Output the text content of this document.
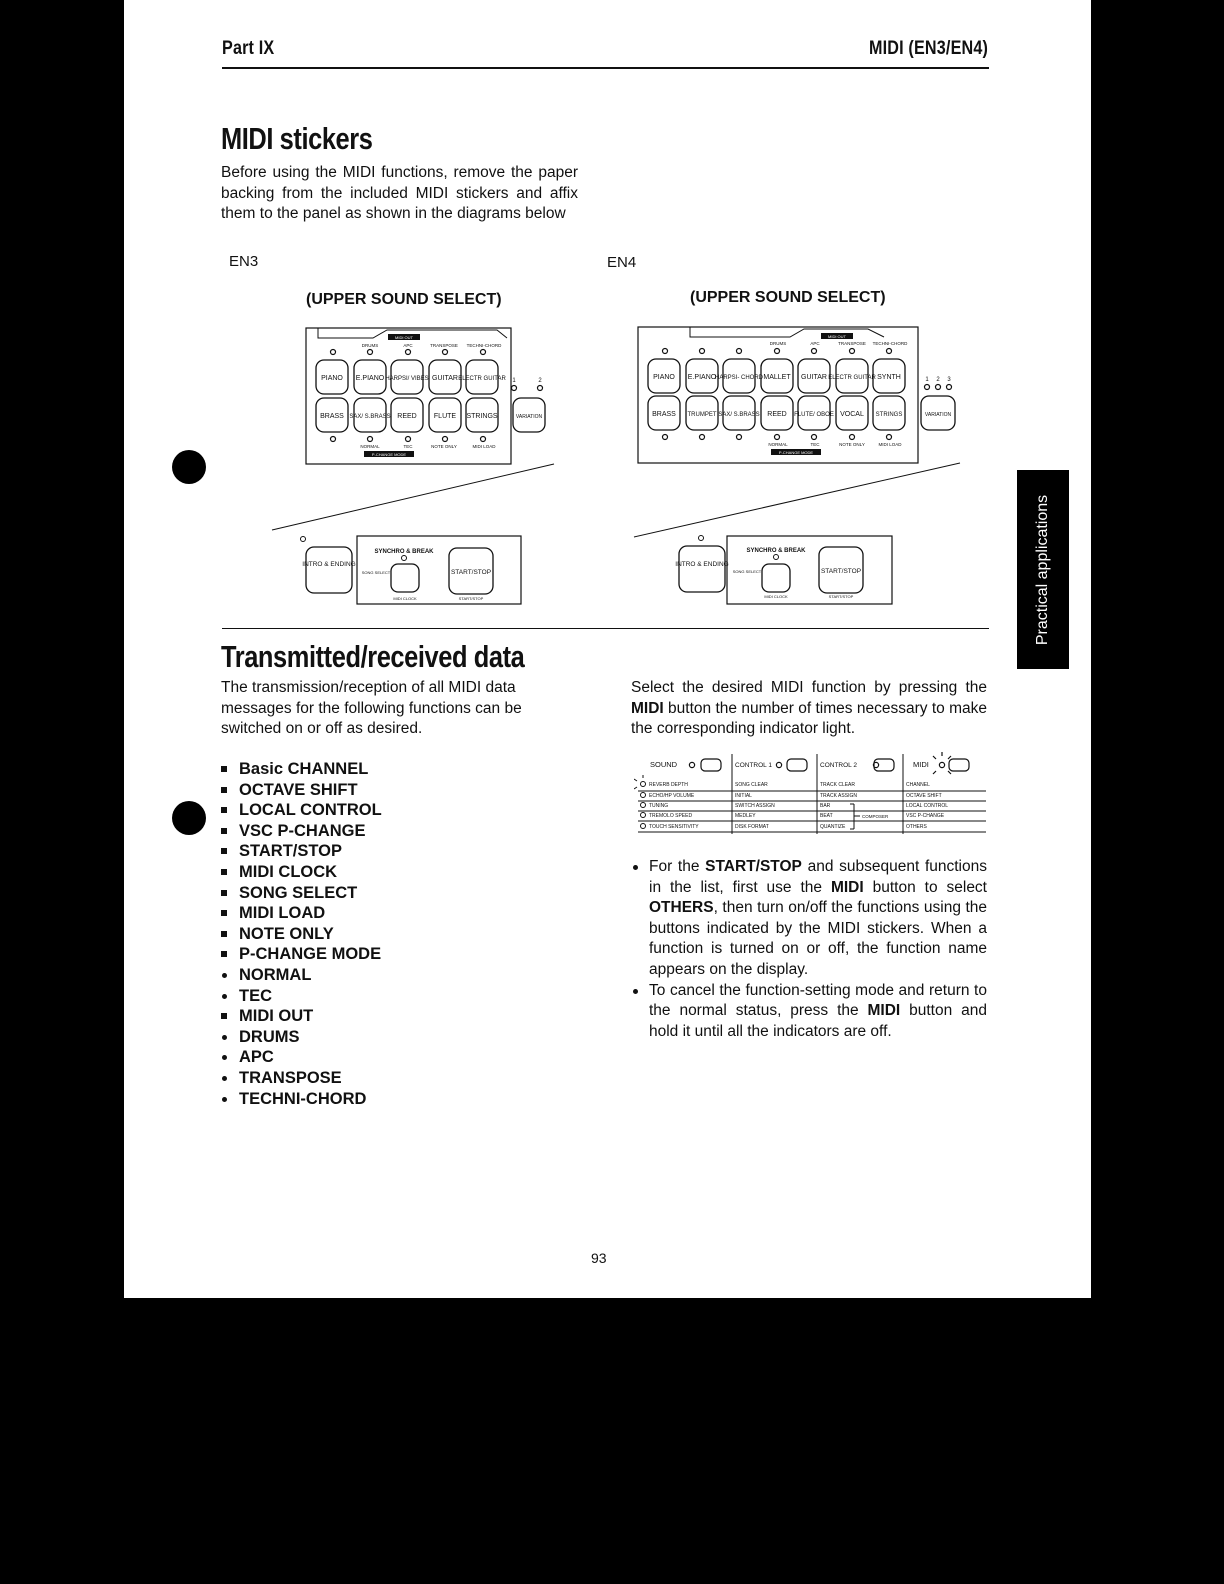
Part IX	MIDI (EN3/EN4)
Practical applications
MIDI stickers
Before using the MIDI functions, remove the paper backing from the included MIDI stickers and affix them to the panel as shown in the diagrams below
EN3	EN4
(UPPER SOUND SELECT)	(UPPER SOUND SELECT)
MIDI OUT
DRUMS	APC	TRANSPOSE TECHNI-CHORD
PIANO E.PIANO HARPSI/ VIBES GUITAR ELECTR GUITAR
BRASS SAX/ S.BRASS REED FLUTE STRINGS	VARIATION
1	2
NORMAL	TEC	NOTE ONLY	MIDI LOAD
P-CHANGE MODE
INTRO & ENDING
SYNCHRO & BREAK
SONG SELECT	START/STOP
MIDI CLOCK	START/STOP
MIDI OUT
DRUMS	APC	TRANSPOSE TECHNI-CHORD
PIANO E.PIANO
HARPSI- CHORD MALLET GUITAR ELECTR GUITAR SYNTH
BRASS TRUMPET SAX/ S.BRASS REED FLUTE/ OBOE VOCAL STRINGS	VARIATION
1 2 3
NORMAL	TEC	NOTE ONLY	MIDI LOAD
P-CHANGE MODE
INTRO & ENDING
SYNCHRO & BREAK
SONG SELECT	START/STOP
MIDI CLOCK	START/STOP
Transmitted/received data
The transmission/reception of all MIDI data messages for the following functions can be switched on or off as desired.
Basic CHANNEL
OCTAVE SHIFT
LOCAL CONTROL
VSC P-CHANGE
START/STOP
MIDI CLOCK
SONG SELECT
MIDI LOAD
NOTE ONLY
P-CHANGE MODE
NORMAL
TEC
MIDI OUT
DRUMS
APC
TRANSPOSE
TECHNI-CHORD
Select the desired MIDI function by pressing the MIDI button the number of times necessary to make the corresponding indicator light.
SOUND	CONTROL 1	CONTROL 2	MIDI
REVERB DEPTH	SONG CLEAR	TRACK CLEAR	CHANNEL
ECHO/HP VOLUME	INITIAL	TRACK ASSIGN	OCTAVE SHIFT
TUNING	SWITCH ASSIGN	BAR	LOCAL CONTROL
TREMOLO SPEED	MEDLEY	BEAT	VSC P-CHANGE
TOUCH SENSITIVITY	DISK FORMAT	QUANTIZE	OTHERS
COMPOSER
For the START/STOP and subsequent functions in the list, first use the MIDI button to select OTHERS, then turn on/off the functions using the buttons indicated by the MIDI stickers. When a function is turned on or off, the function name appears on the display.
To cancel the function-setting mode and return to the normal status, press the MIDI button and hold it until all the indicators are off.
93
